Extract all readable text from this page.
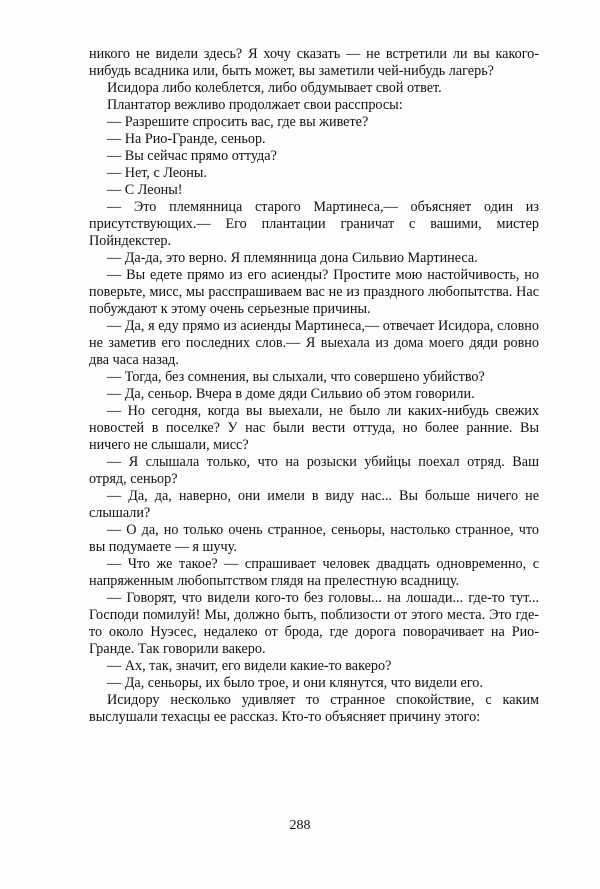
никого не видели здесь? Я хочу сказать — не встретили ли вы какого-нибудь всадника или, быть может, вы заметили чей-нибудь лагерь?

Исидора либо колеблется, либо обдумывает свой ответ.

Плантатор вежливо продолжает свои расспросы:

— Разрешите спросить вас, где вы живете?

— На Рио-Гранде, сеньор.

— Вы сейчас прямо оттуда?

— Нет, с Леоны.

— С Леоны!

— Это племянница старого Мартинеса,— объясняет один из присутствующих.— Его плантации граничат с вашими, мистер Пойндекстер.

— Да-да, это верно. Я племянница дона Сильвио Мартинеса.

— Вы едете прямо из его асиенды? Простите мою настойчивость, но поверьте, мисс, мы расспрашиваем вас не из праздного любопытства. Нас побуждают к этому очень серьезные причины.

— Да, я еду прямо из асиенды Мартинеса,— отвечает Исидора, словно не заметив его последних слов.— Я выехала из дома моего дяди ровно два часа назад.

— Тогда, без сомнения, вы слыхали, что совершено убийство?

— Да, сеньор. Вчера в доме дяди Сильвио об этом говорили.

— Но сегодня, когда вы выехали, не было ли каких-нибудь свежих новостей в поселке? У нас были вести оттуда, но более ранние. Вы ничего не слышали, мисс?

— Я слышала только, что на розыски убийцы поехал отряд. Ваш отряд, сеньор?

— Да, да, наверно, они имели в виду нас... Вы больше ничего не слышали?

— О да, но только очень странное, сеньоры, настолько странное, что вы подумаете — я шучу.

— Что же такое? — спрашивает человек двадцать одновременно, с напряженным любопытством глядя на прелестную всадницу.

— Говорят, что видели кого-то без головы... на лошади... где-то тут... Господи помилуй! Мы, должно быть, поблизости от этого места. Это где-то около Нуэсес, недалеко от брода, где дорога поворачивает на Рио-Гранде. Так говорили вакеро.

— Ах, так, значит, его видели какие-то вакеро?

— Да, сеньоры, их было трое, и они клянутся, что видели его.

Исидору несколько удивляет то странное спокойствие, с каким выслушали техасцы ее рассказ. Кто-то объясняет причину этого:

288
